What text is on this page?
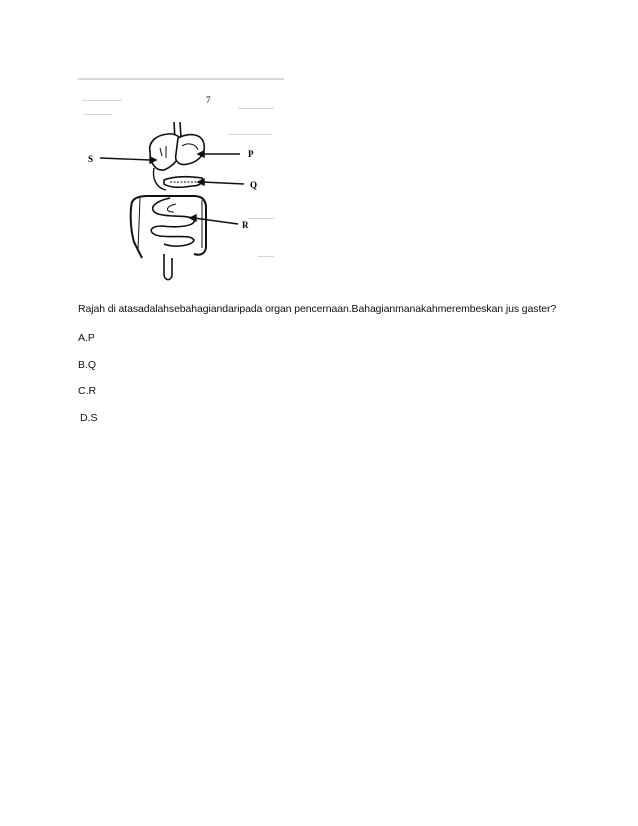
7
S	P
Q
R
Rajah di atasadalahsebahagiandaripada organ pencernaan.Bahagianmanakahmerembeskan jus gaster?
A.P
B.Q
C.R
D.S
